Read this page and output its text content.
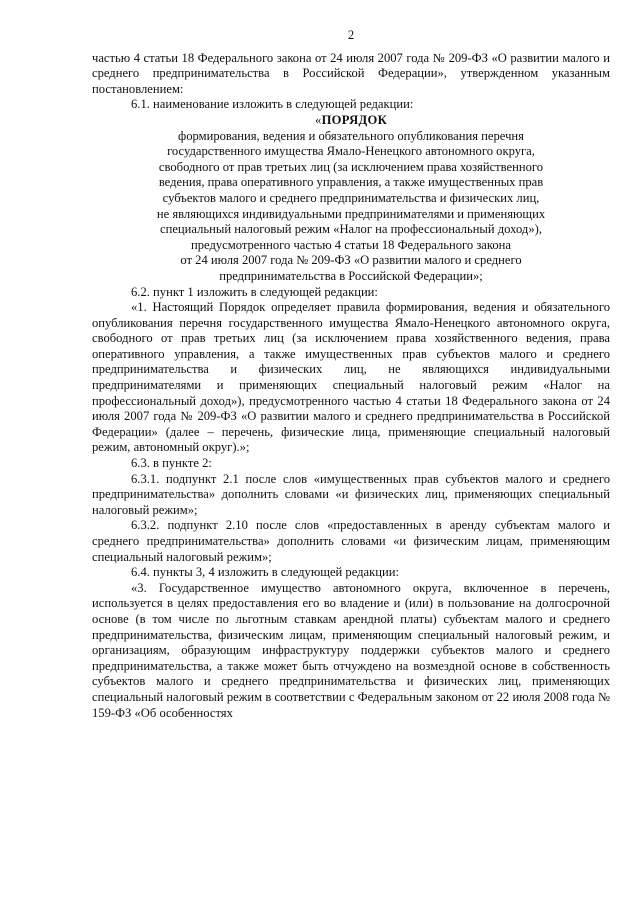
2

частью 4 статьи 18 Федерального закона от 24 июля 2007 года № 209-ФЗ «О развитии малого и среднего предпринимательства в Российской Федерации», утвержденном указанным постановлением:

6.1. наименование изложить в следующей редакции:

«ПОРЯДОК
формирования, ведения и обязательного опубликования перечня
государственного имущества Ямало-Ненецкого автономного округа,
свободного от прав третьих лиц (за исключением права хозяйственного
ведения, права оперативного управления, а также имущественных прав
субъектов малого и среднего предпринимательства и физических лиц,
не являющихся индивидуальными предпринимателями и применяющих
специальный налоговый режим «Налог на профессиональный доход»),
предусмотренного частью 4 статьи 18 Федерального закона
от 24 июля 2007 года № 209-ФЗ «О развитии малого и среднего
предпринимательства в Российской Федерации»;

6.2. пункт 1 изложить в следующей редакции:

«1. Настоящий Порядок определяет правила формирования, ведения и обязательного опубликования перечня государственного имущества Ямало-Ненецкого автономного округа, свободного от прав третьих лиц (за исключением права хозяйственного ведения, права оперативного управления, а также имущественных прав субъектов малого и среднего предпринимательства и физических лиц, не являющихся индивидуальными предпринимателями и применяющих специальный налоговый режим «Налог на профессиональный доход»), предусмотренного частью 4 статьи 18 Федерального закона от 24 июля 2007 года № 209-ФЗ «О развитии малого и среднего предпринимательства в Российской Федерации» (далее – перечень, физические лица, применяющие специальный налоговый режим, автономный округ).»;

6.3. в пункте 2:

6.3.1. подпункт 2.1 после слов «имущественных прав субъектов малого и среднего предпринимательства» дополнить словами «и физических лиц, применяющих специальный налоговый режим»;

6.3.2. подпункт 2.10 после слов «предоставленных в аренду субъектам малого и среднего предпринимательства» дополнить словами «и физическим лицам, применяющим специальный налоговый режим»;

6.4. пункты 3, 4 изложить в следующей редакции:

«3. Государственное имущество автономного округа, включенное в перечень, используется в целях предоставления его во владение и (или) в пользование на долгосрочной основе (в том числе по льготным ставкам арендной платы) субъектам малого и среднего предпринимательства, физическим лицам, применяющим специальный налоговый режим, и организациям, образующим инфраструктуру поддержки субъектов малого и среднего предпринимательства, а также может быть отчуждено на возмездной основе в собственность субъектов малого и среднего предпринимательства и физических лиц, применяющих специальный налоговый режим в соответствии с Федеральным законом от 22 июля 2008 года № 159-ФЗ «Об особенностях
